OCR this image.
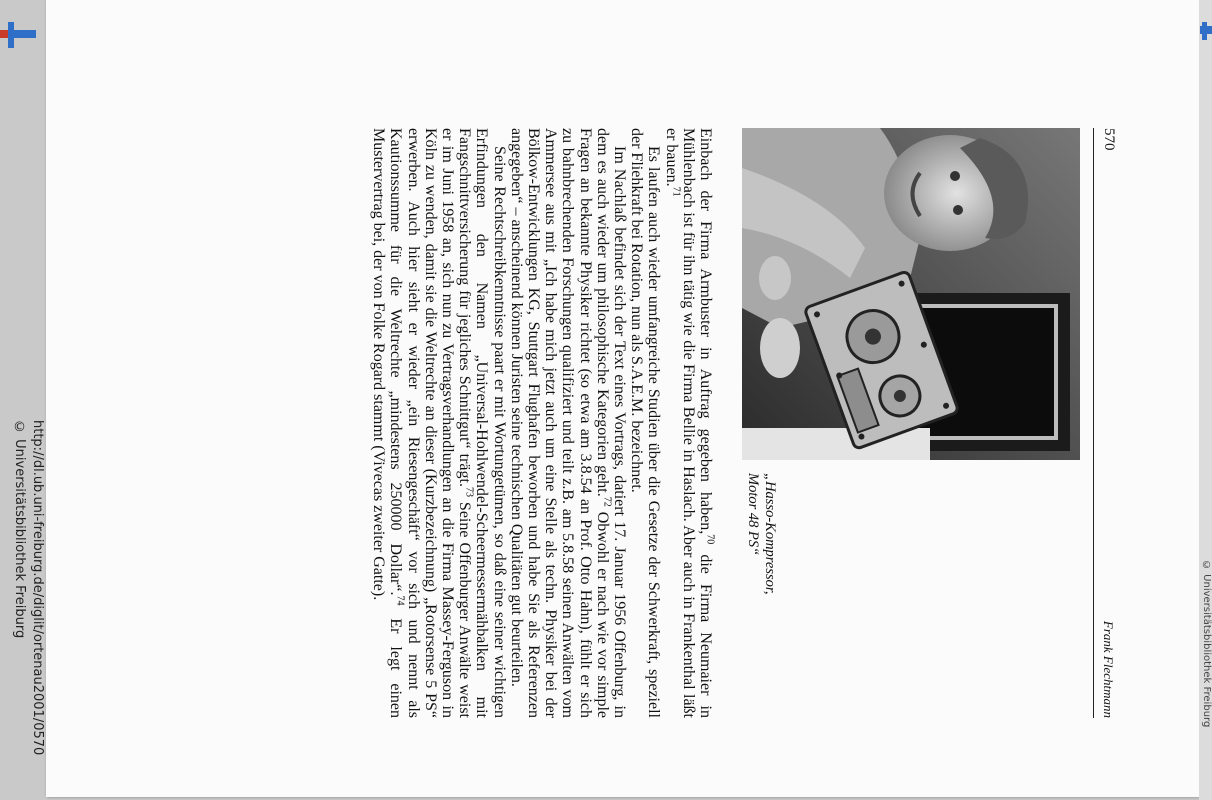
© Universitätsbibliothek Freiburg
http://dl.ub.uni-freiburg.de/diglit/ortenau2001/0570
© Universitätsbibliothek Freiburg
570
Frank Flechtmann
„Hasso-Kompressor,
Motor 48 PS“

Einbach der Firma Armbuster in Auftrag gegeben haben,$^{70}$ die Firma Neumaier in Mühlenbach ist für ihn tätig wie die Firma Bellie in Haslach. Aber auch in Frankenthal läßt er bauen.$^{71}$

Es laufen auch wieder umfangreiche Studien über die Gesetze der Schwerkraft, speziell der Fliehkraft bei Rotation, nun als S.A.E.M. bezeichnet.

Im Nachlaß befindet sich der Text eines Vortrags, datiert 17. Januar 1956 Offenburg, in dem es auch wieder um philosophische Kategorien geht.$^{72}$ Obwohl er nach wie vor simple Fragen an bekannte Physiker richtet (so etwa am 3.8.54 an Prof. Otto Hahn), fühlt er sich zu bahnbrechenden Forschungen qualifiziert und teilt z.B. am 5.8.58 seinen Anwälten vom Ammersee aus mit „Ich habe mich jetzt auch um eine Stelle als techn. Physiker bei der Bölkow-Entwicklungen KG, Stuttgart Flughafen beworben und habe Sie als Referenzen angegeben“ – anscheinend können Juristen seine technischen Qualitäten gut beurteilen.

Seine Rechtschreibkenntnisse paart er mit Wortungetümen, so daß eine seiner wichtigen Erfindungen den Namen „Universal-Hohlwendel-Scheermessermähbalken mit Fangschnittversicherung für jegliches Schnittgut“ trägt.$^{73}$ Seine Offenburger Anwälte weist er im Juni 1958 an, sich nun zu Vertragsverhandlungen an die Firma Massey-Ferguson in Köln zu wenden, damit sie die Weltrechte an dieser (Kurzbezeichnung) „Rotorsense 5 PS“ erwerben. Auch hier sieht er wieder „ein Riesengeschäft“ vor sich und nennt als Kautionssumme für die Weltrechte „mindestens 250000 Dollar“.$^{74}$ Er legt einen Mustervertrag bei, der von Folke Rogard stammt (Vivecas zweiter Gatte).
